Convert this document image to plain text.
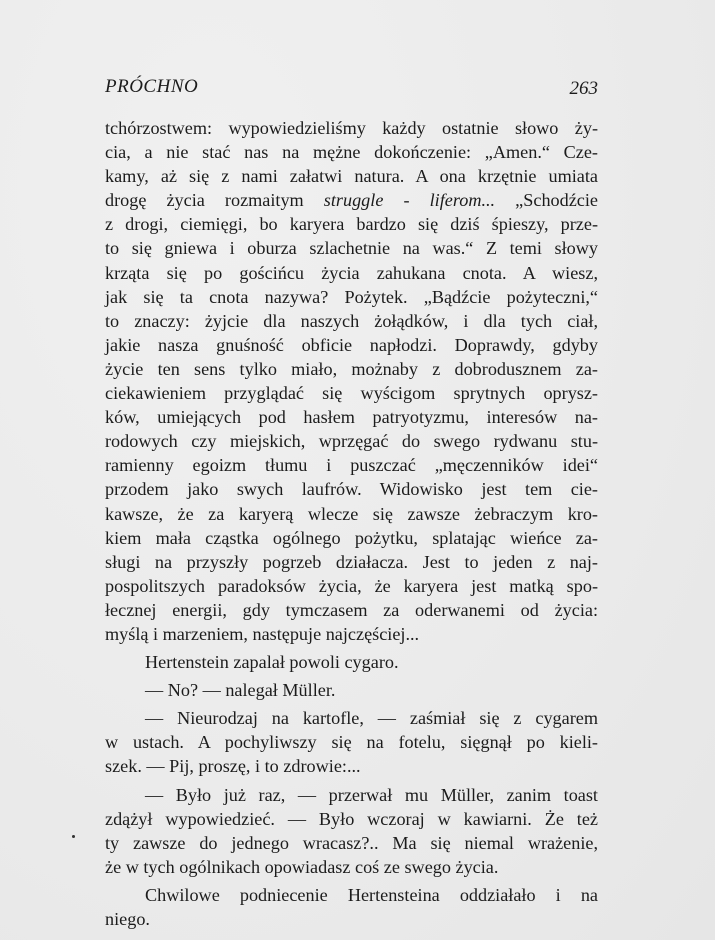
PRÓCHNO	263
tchórzostwem: wypowiedzieliśmy każdy ostatnie słowo ży-
cia, a nie stać nas na mężne dokończenie: „Amen.“ Cze-
kamy, aż się z nami załatwi natura. A ona krzętnie umiata
drogę życia rozmaitym struggle - liferom... „Schodźcie
z drogi, ciemięgi, bo karyera bardzo się dziś śpieszy, prze-
to się gniewa i oburza szlachetnie na was.“ Z temi słowy
krząta się po gościńcu życia zahukana cnota. A wiesz,
jak się ta cnota nazywa? Pożytek. „Bądźcie pożyteczni,“
to znaczy: żyjcie dla naszych żołądków, i dla tych ciał,
jakie nasza gnuśność obficie napłodzi. Doprawdy, gdyby
życie ten sens tylko miało, możnaby z dobrodusznem za-
ciekawieniem przyglądać się wyścigom sprytnych oprysz-
ków, umiejących pod hasłem patryotyzmu, interesów na-
rodowych czy miejskich, wprzęgać do swego rydwanu stu-
ramienny egoizm tłumu i puszczać „męczenników idei“
przodem jako swych laufrów. Widowisko jest tem cie-
kawsze, że za karyerą wlecze się zawsze żebraczym kro-
kiem mała cząstka ogólnego pożytku, splatając wieńce za-
sługi na przyszły pogrzeb działacza. Jest to jeden z naj-
pospolitszych paradoksów życia, że karyera jest matką spo-
łecznej energii, gdy tymczasem za oderwanemi od życia:
myślą i marzeniem, następuje najczęściej...
Hertenstein zapalał powoli cygaro.
— No? — nalegał Müller.
— Nieurodzaj na kartofle, — zaśmiał się z cygarem
w ustach. A pochyliwszy się na fotelu, sięgnął po kieli-
szek. — Pij, proszę, i to zdrowie:...
— Było już raz, — przerwał mu Müller, zanim toast
zdążył wypowiedzieć. — Było wczoraj w kawiarni. Że też
ty zawsze do jednego wracasz?.. Ma się niemal wrażenie,
że w tych ogólnikach opowiadasz coś ze swego życia.
Chwilowe podniecenie Hertensteina oddziałało i na
niego.
